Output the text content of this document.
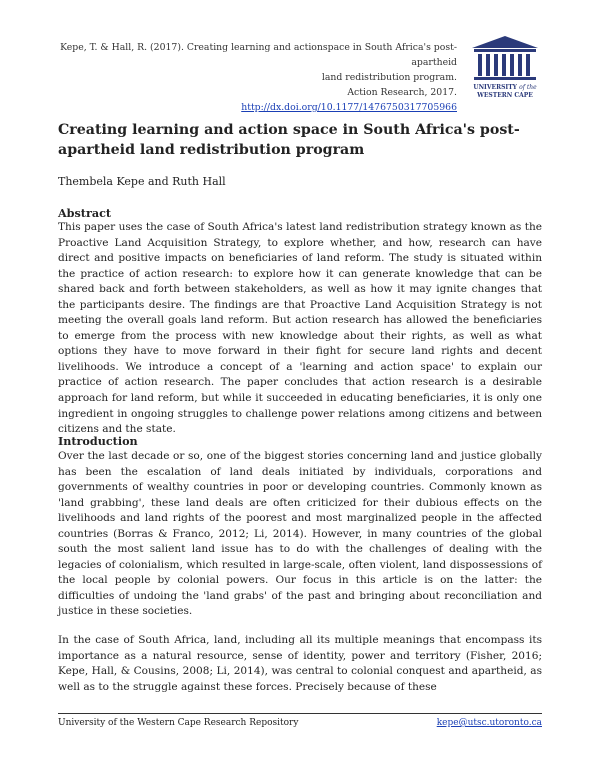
Kepe, T. & Hall, R. (2017). Creating learning and actionspace in South Africa's post-apartheid
land redistribution program.
Action Research, 2017.
http://dx.doi.org/10.1177/1476750317705966
UNIVERSITY of the
WESTERN CAPE
Creating learning and action space in South Africa's post-apartheid land redistribution program
Thembela Kepe and Ruth Hall
Abstract

This paper uses the case of South Africa's latest land redistribution strategy known as the Proactive Land Acquisition Strategy, to explore whether, and how, research can have direct and positive impacts on beneficiaries of land reform. The study is situated within the practice of action research: to explore how it can generate knowledge that can be shared back and forth between stakeholders, as well as how it may ignite changes that the participants desire. The findings are that Proactive Land Acquisition Strategy is not meeting the overall goals land reform. But action research has allowed the beneficiaries to emerge from the process with new knowledge about their rights, as well as what options they have to move forward in their fight for secure land rights and decent livelihoods. We introduce a concept of a 'learning and action space' to explain our practice of action research. The paper concludes that action research is a desirable approach for land reform, but while it succeeded in educating beneficiaries, it is only one ingredient in ongoing struggles to challenge power relations among citizens and between citizens and the state.

Introduction

Over the last decade or so, one of the biggest stories concerning land and justice globally has been the escalation of land deals initiated by individuals, corporations and governments of wealthy countries in poor or developing countries. Commonly known as 'land grabbing', these land deals are often criticized for their dubious effects on the livelihoods and land rights of the poorest and most marginalized people in the affected countries (Borras & Franco, 2012; Li, 2014). However, in many countries of the global south the most salient land issue has to do with the challenges of dealing with the legacies of colonialism, which resulted in large-scale, often violent, land dispossessions of the local people by colonial powers. Our focus in this article is on the latter: the difficulties of undoing the 'land grabs' of the past and bringing about reconciliation and justice in these societies.

In the case of South Africa, land, including all its multiple meanings that encompass its importance as a natural resource, sense of identity, power and territory (Fisher, 2016; Kepe, Hall, & Cousins, 2008; Li, 2014), was central to colonial conquest and apartheid, as well as to the struggle against these forces. Precisely because of these

University of the Western Cape Research Repository	kepe@utsc.utoronto.ca
